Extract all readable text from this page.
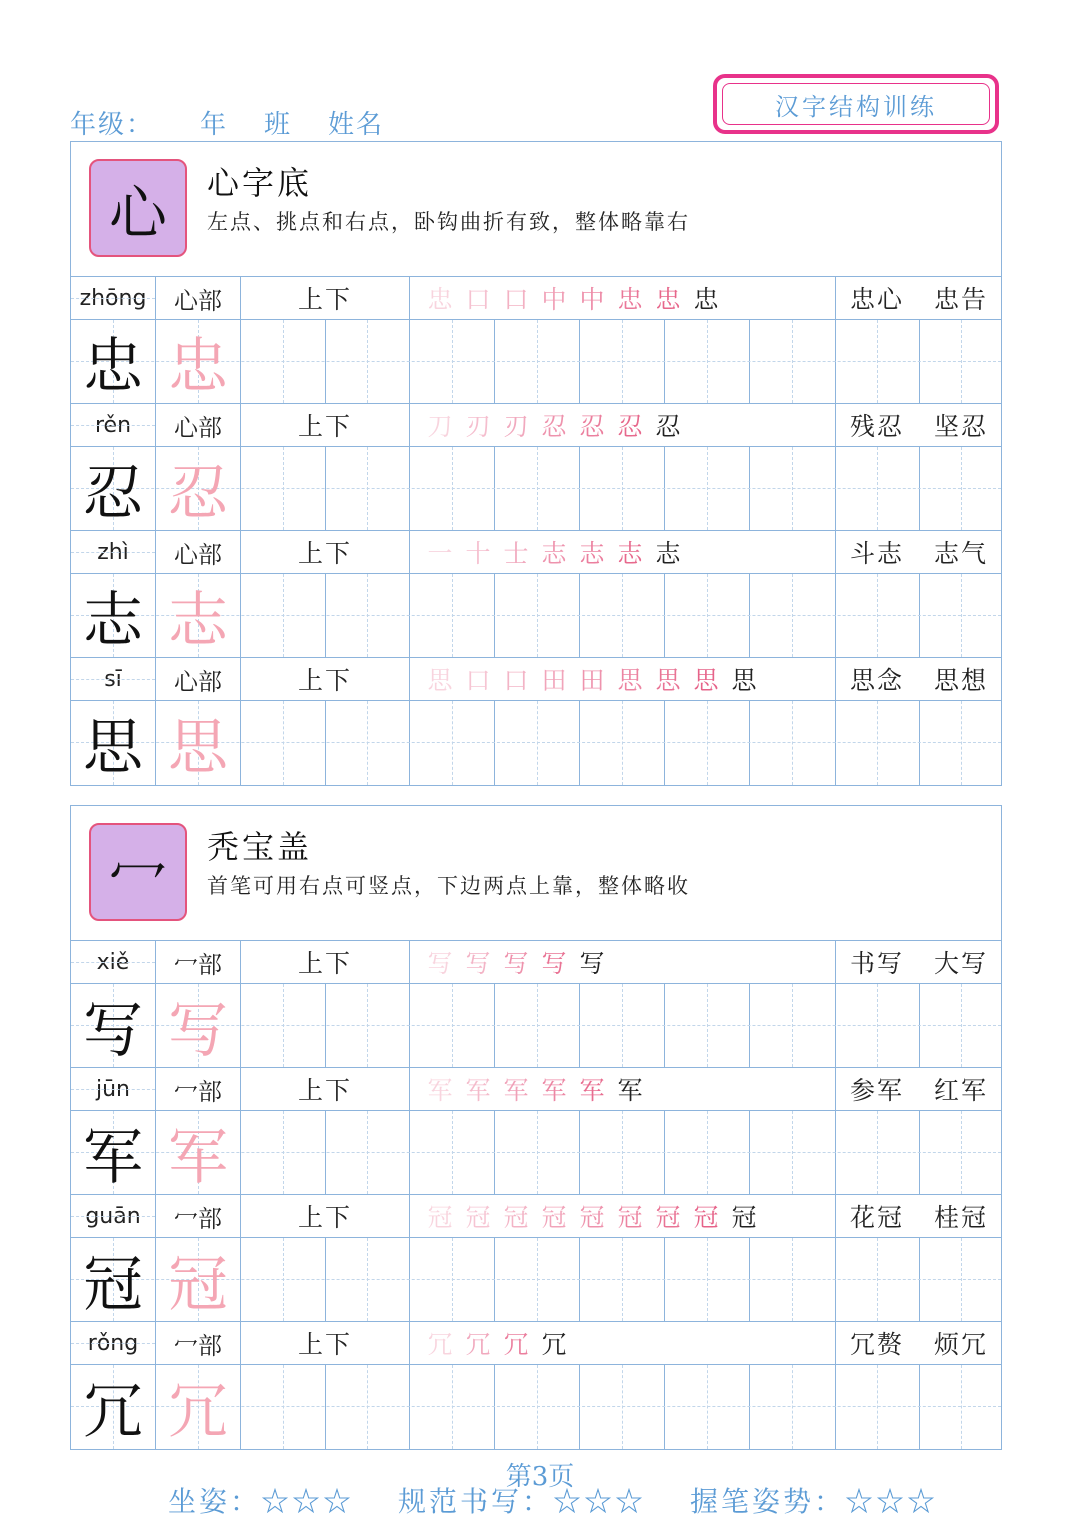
年级：	年	班	姓名
汉字结构训练
心	心字底
左点、挑点和右点，卧钩曲折有致，整体略靠右
zhōng	心部	上下	忠 口 口 中 中 忠 忠 忠	忠心 忠告
忠 忠
rěn	心部	上下	刀 刃 刃 忍 忍 忍 忍	残忍 坚忍
忍 忍
zhì	心部	上下	一 十 士 志 志 志 志	斗志 志气
志 志
sī	心部	上下	思 口 口 田 田 思 思 思 思	思念 思想
思 思
冖	秃宝盖
首笔可用右点可竖点，下边两点上靠，整体略收
xiě	冖部	上下	写 写 写 写 写	书写 大写
写 写
jūn	冖部	上下	军 军 军 军 军 军	参军 红军
军 军
guān	冖部	上下	冠 冠 冠 冠 冠 冠 冠 冠 冠	花冠 桂冠
冠 冠
rǒng	冖部	上下	冗 冗 冗 冗	冗赘 烦冗
冗 冗
第3页
坐姿：☆☆☆ 规范书写：☆☆☆ 握笔姿势：☆☆☆
